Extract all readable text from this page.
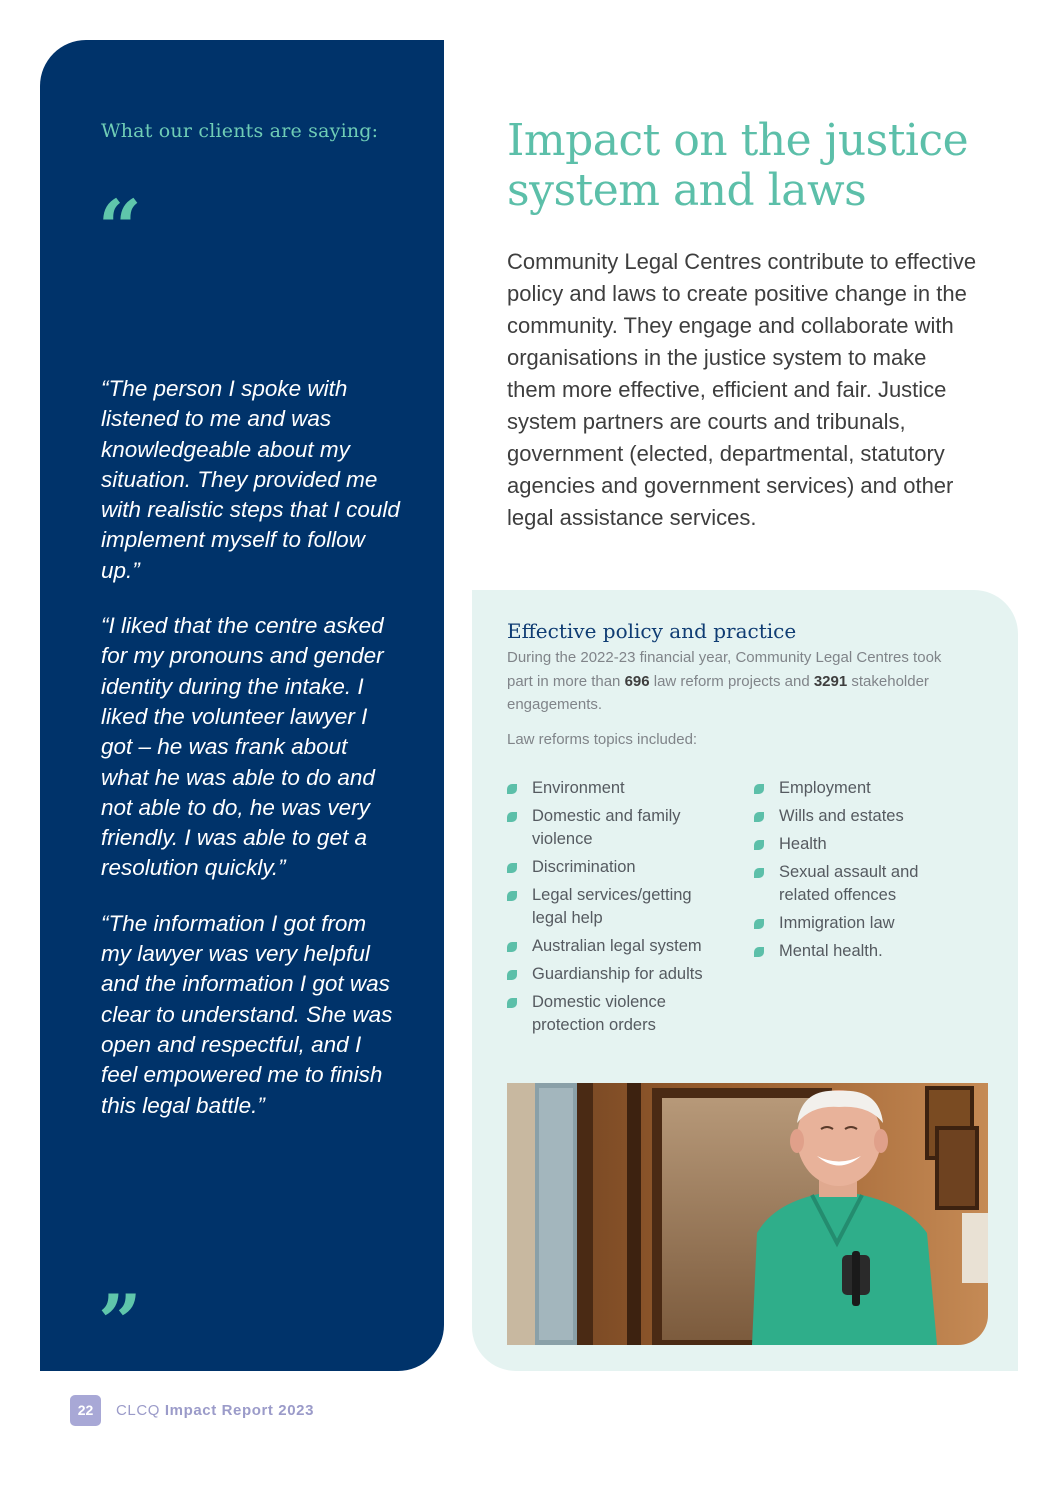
What our clients are saying:
“

“The person I spoke with listened to me and was knowledgeable about my situation. They provided me with realistic steps that I could implement myself to follow up.”

“I liked that the centre asked for my pronouns and gender identity during the intake. I liked the volunteer lawyer I got – he was frank about what he was able to do and not able to do, he was very friendly. I was able to get a resolution quickly.”

“The information I got from my lawyer was very helpful and the information I got was clear to understand. She was open and respectful, and I feel empowered me to finish this legal battle.”

”
Impact on the justice system and laws

Community Legal Centres contribute to effective policy and laws to create positive change in the community. They engage and collaborate with organisations in the justice system to make them more effective, efficient and fair. Justice system partners are courts and tribunals, government (elected, departmental, statutory agencies and government services) and other legal assistance services.

Effective policy and practice

During the 2022-23 financial year, Community Legal Centres took part in more than 696 law reform projects and 3291 stakeholder engagements.

Law reforms topics included:

Environment
Domestic and family violence
Discrimination
Legal services/getting legal help
Australian legal system
Guardianship for adults
Domestic violence protection orders
Employment
Wills and estates
Health
Sexual assault and related offences
Immigration law
Mental health.
22	CLCQ Impact Report 2023
